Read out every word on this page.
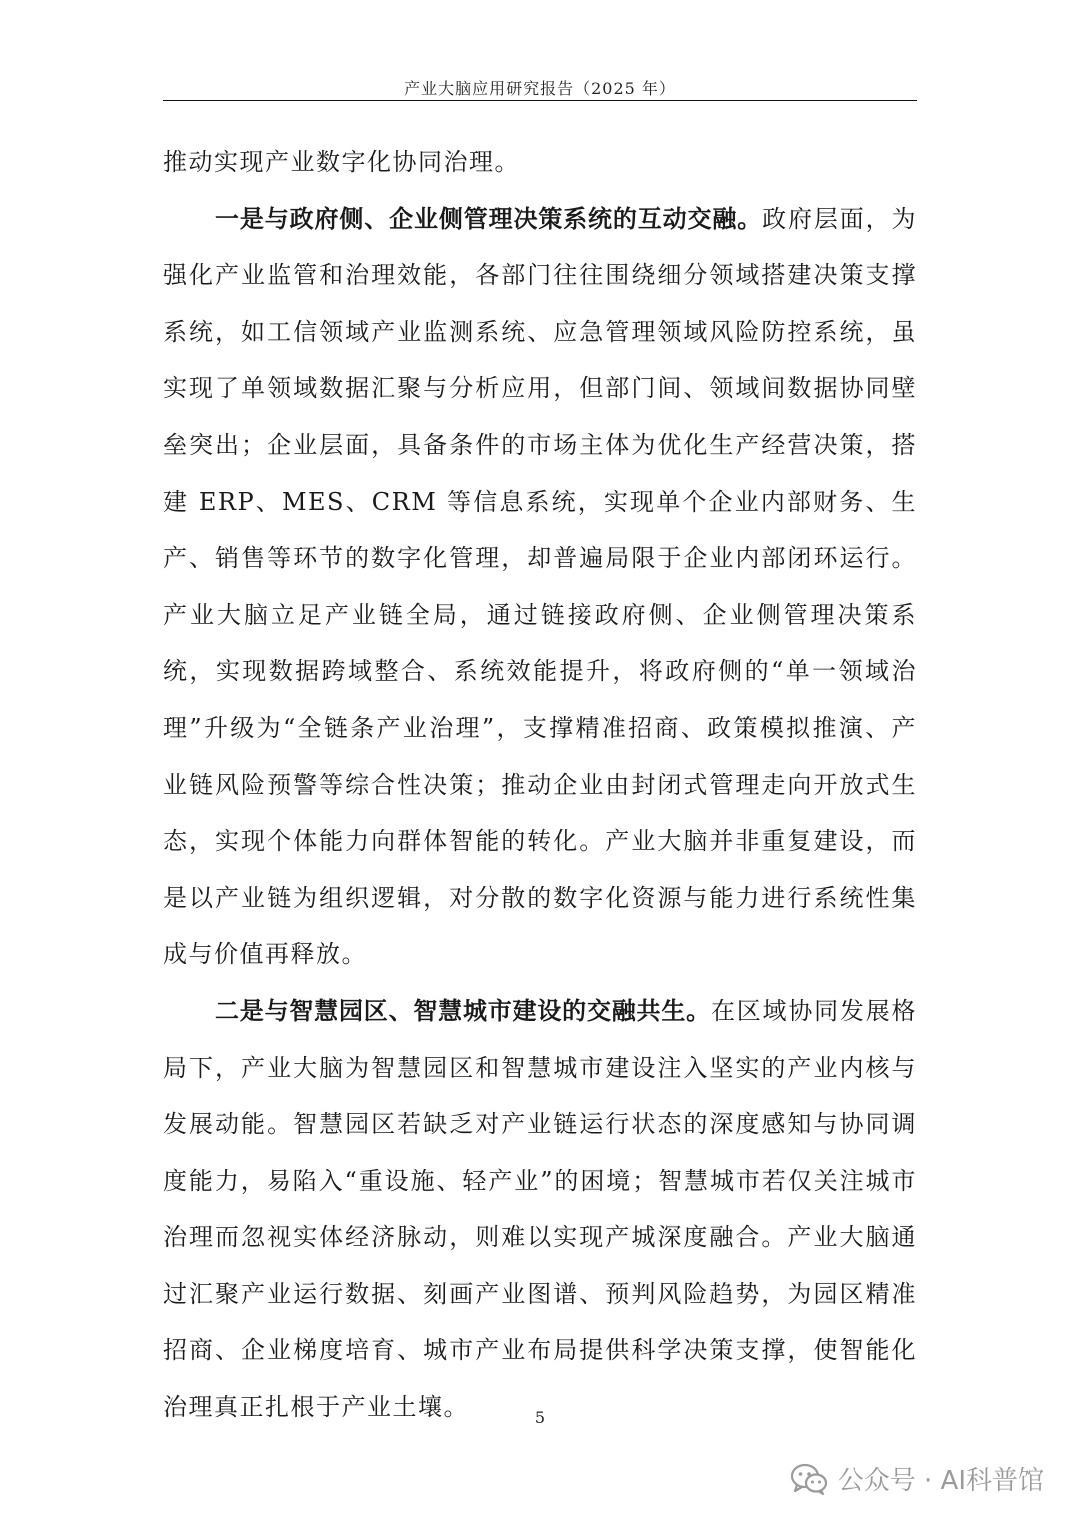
产业大脑应用研究报告（2025 年）

推动实现产业数字化协同治理。

一是与政府侧、企业侧管理决策系统的互动交融。政府层面，为强化产业监管和治理效能，各部门往往围绕细分领域搭建决策支撑系统，如工信领域产业监测系统、应急管理领域风险防控系统，虽实现了单领域数据汇聚与分析应用，但部门间、领域间数据协同壁垒突出；企业层面，具备条件的市场主体为优化生产经营决策，搭建 ERP、MES、CRM 等信息系统，实现单个企业内部财务、生产、销售等环节的数字化管理，却普遍局限于企业内部闭环运行。产业大脑立足产业链全局，通过链接政府侧、企业侧管理决策系统，实现数据跨域整合、系统效能提升，将政府侧的“单一领域治理”升级为“全链条产业治理”，支撑精准招商、政策模拟推演、产业链风险预警等综合性决策；推动企业由封闭式管理走向开放式生态，实现个体能力向群体智能的转化。产业大脑并非重复建设，而是以产业链为组织逻辑，对分散的数字化资源与能力进行系统性集成与价值再释放。

二是与智慧园区、智慧城市建设的交融共生。在区域协同发展格局下，产业大脑为智慧园区和智慧城市建设注入坚实的产业内核与发展动能。智慧园区若缺乏对产业链运行状态的深度感知与协同调度能力，易陷入“重设施、轻产业”的困境；智慧城市若仅关注城市治理而忽视实体经济脉动，则难以实现产城深度融合。产业大脑通过汇聚产业运行数据、刻画产业图谱、预判风险趋势，为园区精准招商、企业梯度培育、城市产业布局提供科学决策支撑，使智能化治理真正扎根于产业土壤。	5
公众号 · AI科普馆
